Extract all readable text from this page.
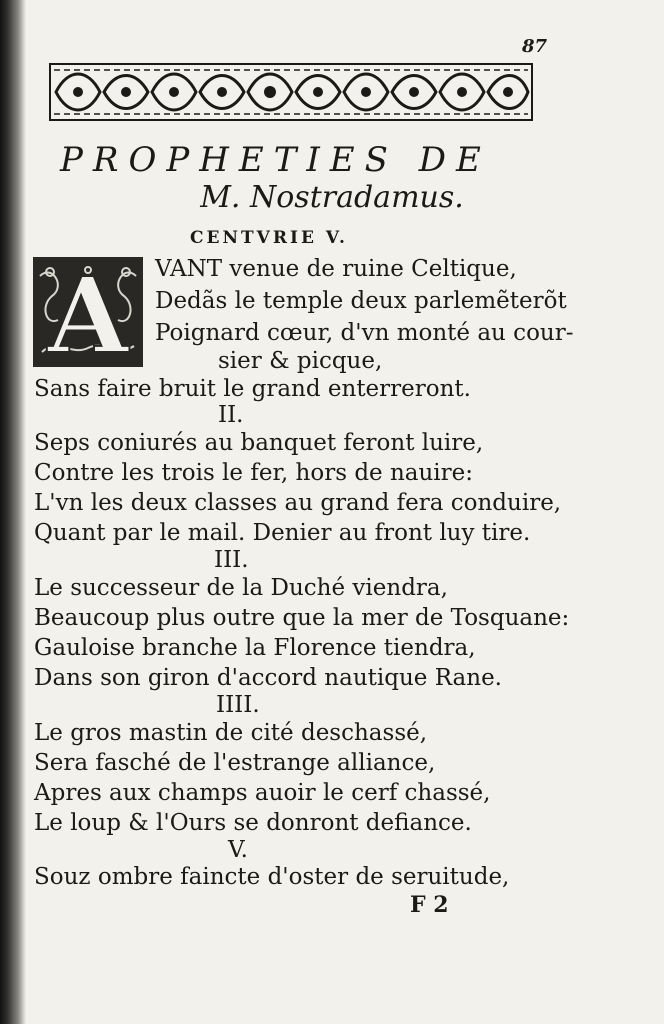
87
PROPHETIES DE
M. Nostradamus.
CENTVRIE V.
A VANT venue de ruine Celtique,
Dedãs le temple deux parlemẽterõt
Poignard cœur, d'vn monté au cour-
sier & picque,
Sans faire bruit le grand enterreront.
II.
Seps coniurés au banquet feront luire,
Contre les trois le fer, hors de nauire:
L'vn les deux classes au grand fera conduire,
Quant par le mail. Denier au front luy tire.
III.
Le successeur de la Duché viendra,
Beaucoup plus outre que la mer de Tosquane:
Gauloise branche la Florence tiendra,
Dans son giron d'accord nautique Rane.
IIII.
Le gros mastin de cité deschassé,
Sera fasché de l'estrange alliance,
Apres aux champs auoir le cerf chassé,
Le loup & l'Ours se donront defiance.
V.
Souz ombre faincte d'oster de seruitude,
F 2
